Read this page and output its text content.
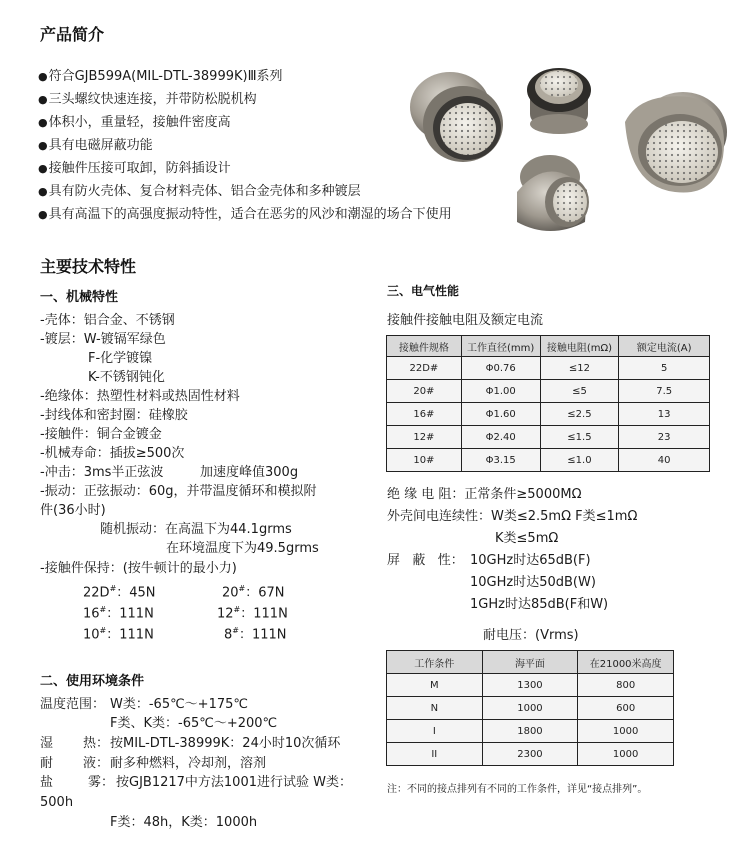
产品简介
● 符合GJB599A(MIL-DTL-38999K)Ⅲ系列
● 三头螺纹快速连接，并带防松脱机构
● 体积小，重量轻，接触件密度高
● 具有电磁屏蔽功能
● 接触件压接可取卸，防斜插设计
● 具有防火壳体、复合材料壳体、铝合金壳体和多种镀层
● 具有高温下的高强度振动特性，适合在恶劣的风沙和潮湿的场合下使用
主要技术特性
一、机械特性
-壳体：铝合金、不锈钢
-镀层：W-镀镉军绿色
F-化学镀镍
K-不锈钢钝化
-绝缘体：热塑性材料或热固性材料
-封线体和密封圈：硅橡胶
-接触件：铜合金镀金
-机械寿命：插拔≥500次
-冲击：3ms半正弦波	加速度峰值300g
-振动：正弦振动：60g，并带温度循环和模拟附
件(36小时)
随机振动：在高温下为44.1grms
在环境温度下为49.5grms
-接触件保持：(按牛顿计的最小力)
22D#：45N	20#：67N
16#：111N	12#：111N
10#：111N	8#：111N
二、使用环境条件
温度范围： W类：-65℃～+175℃
F类、K类：-65℃～+200℃
湿 热： 按MIL-DTL-38999K：24小时10次循环
耐 液： 耐多种燃料，冷却剂，溶剂
盐	雾： 按GJB1217中方法1001进行试验 W类：
500h
F类：48h，K类：1000h
三、电气性能
接触件接触电阻及额定电流
接触件规格	工作直径(mm)	接触电阻(mΩ)	额定电流(A)
22D#	Φ0.76	≤12	5
20#	Φ1.00	≤5	7.5
16#	Φ1.60	≤2.5	13
12#	Φ2.40	≤1.5	23
10#	Φ3.15	≤1.0	40
绝 缘 电 阻：正常条件≥5000MΩ
外壳间电连续性：W类≤2.5mΩ F类≤1mΩ
K类≤5mΩ
屏   蔽   性： 10GHz时达65dB(F)
10GHz时达50dB(W)
1GHz时达85dB(F和W)
耐电压：(Vrms)
工作条件	海平面	在21000米高度
M	1300	800
N	1000	600
I	1800	1000
II	2300	1000
注：不同的接点排列有不同的工作条件，详见“接点排列”。
